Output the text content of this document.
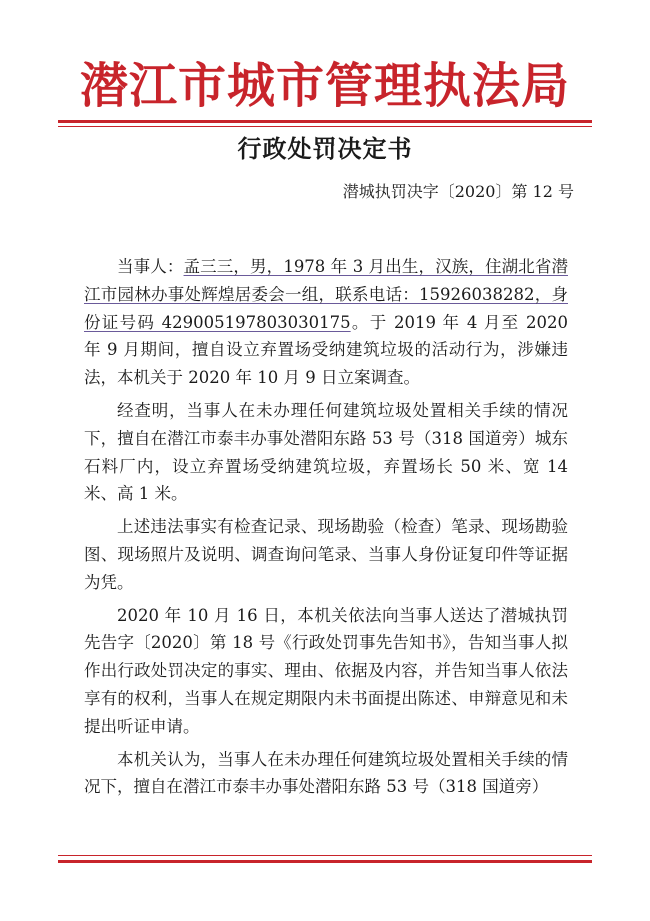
潜江市城市管理执法局
行政处罚决定书
潜城执罚决字〔2020〕第 12 号

当事人：孟三三，男，1978 年 3 月出生，汉族，住湖北省潜江市园林办事处辉煌居委会一组，联系电话：15926038282，身份证号码 429005197803030175。于 2019 年 4 月至 2020 年 9 月期间，擅自设立弃置场受纳建筑垃圾的活动行为，涉嫌违法，本机关于 2020 年 10 月 9 日立案调查。

经查明，当事人在未办理任何建筑垃圾处置相关手续的情况下，擅自在潜江市泰丰办事处潜阳东路 53 号（318 国道旁）城东石料厂内，设立弃置场受纳建筑垃圾，弃置场长 50 米、宽 14 米、高 1 米。

上述违法事实有检查记录、现场勘验（检查）笔录、现场勘验图、现场照片及说明、调查询问笔录、当事人身份证复印件等证据为凭。

2020 年 10 月 16 日，本机关依法向当事人送达了潜城执罚先告字〔2020〕第 18 号《行政处罚事先告知书》，告知当事人拟作出行政处罚决定的事实、理由、依据及内容，并告知当事人依法享有的权利，当事人在规定期限内未书面提出陈述、申辩意见和未提出听证申请。

本机关认为，当事人在未办理任何建筑垃圾处置相关手续的情况下，擅自在潜江市泰丰办事处潜阳东路 53 号（318 国道旁）
